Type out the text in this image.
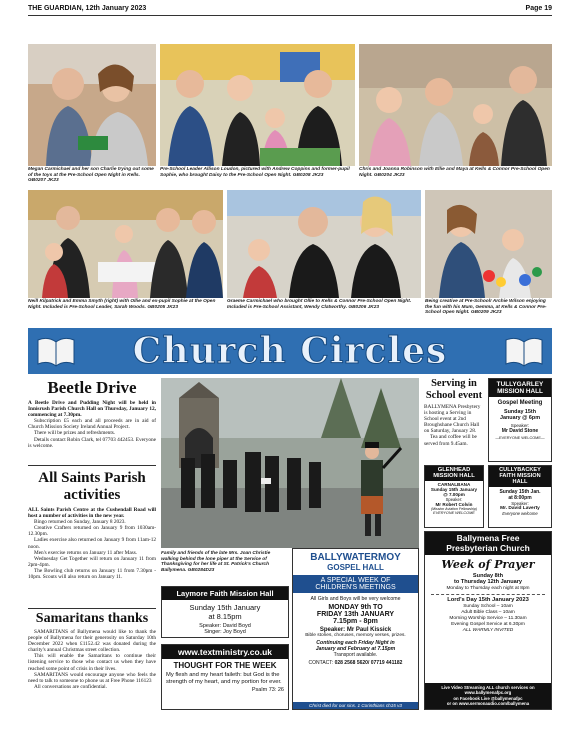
THE GUARDIAN, 12th January 2023	Page 19
Megan Carmichael and her son Charlie trying out some of the toys at the Pre-School Open Night in Kells. GB0207 JK23
Pre-School Leader Allison Loudon, pictured with Andrew Coppins and former-pupil Sophie, who brought Daisy to the Pre-School Open Night. GB0208 JK23
Chris and Joanna Robinson with Ellie and Maya at Kells & Connor Pre-School Open Night. GB0204 JK23
Neill Kilpatrick and Emma Smyth (right) with Ollie and ex-pupil Sophie at the Open Night. Included is Pre-School Leader, Sarah Woods. GB0205 JK23
Graeme Carmichael who brought Ollie to Kells & Connor Pre-School Open Night. Included is Pre-School Assistant, Wendy Clatworthy. GB0206 JK23
Being creative at Pre-School! Archie Wilson enjoying the fun with his Mum, Gemma, at Kells & Connor Pre-School Open Night. GB0209 JK23
Church Circles
Beetle Drive

A Beetle Drive and Pudding Night will be held in Innisrush Parish Church Hall on Thursday, January 12, commencing at 7.30pm.

Subscription £5 each and all proceeds are in aid of Church Mission Society Ireland Annual Project.

There will be prizes and refreshments.

Details contact Robin Clark, tel 07703 442453. Everyone is welcome.

All Saints Parish activities

ALL Saints Parish Centre at the Cushendall Road will host a number of activities in the new year.

Bingo returned on Sunday, January 8 2023.

Creative Crafters returned on January 9 from 1030am-12.30pm.

Ladies exercise also returned on January 9 from 11am-12 noon.

Men's exercise returns on January 11 after Mass.

Wednesday Get Together will return on January 11 from 2pm-4pm.

The Bowling club returns on January 11 from 7.30pm - 10pm. Scouts will also return on January 11.

Samaritans thanks

SAMARITANS of Ballymena would like to thank the people of Ballymena for their generosity on Saturday 10th December 2022 when £1152.42 was donated during the charity's annual Christmas street collection.

This will enable the Samaritans to continue their listening service to those who contact us when they have reached some point of crisis in their lives.

SAMARITANS would encourage anyone who feels the need to talk to someone to phone us at Free Phone 116123

All conversations are confidential.

Family and friends of the late Mrs. Joan Christie walking behind the lone piper at the Service of Thanksgiving for her life at St. Patrick's Church Ballymena. GB0284D23
Laymore Faith Mission Hall
Sunday 15th January
at 8.15pm
Speaker: David Boyd
Singer: Joy Boyd
www.textministry.co.uk
THOUGHT FOR THE WEEK
My flesh and my heart faileth: but God is the strength of my heart, and my portion for ever.
Psalm 73: 26
BALLYWATERMOY
GOSPEL HALL
A SPECIAL WEEK OF
CHILDREN'S MEETINGS
All Girls and Boys will be very welcome
MONDAY 9th TO
FRIDAY 13th JANUARY
7.15pm - 8pm
Speaker: Mr Paul Kissick
Bible stories, choruses, memory verses, prizes.
Continuing each Friday Night in
January and February at 7.15pm
Transport available.
CONTACT: 028 2568 5620/ 07719 441182
Christ died for our sins. 1 Corinthians ch15 v3
Serving in School event

BALLYMENA Presbytery is hosting a Serving in School event at 2nd Broughshane Church Hall on Saturday, January 28.

Tea and coffee will be served from 9.45am.

GLENHEAD
MISSION HALL
CARNALBANA
Sunday 15th January
@ 7.00pm
Speaker:
Mr Robert Colvin
(Mission Aviation Fellowship)
EVERYONE WELCOME
TULLYGARLEY
MISSION HALL
Gospel Meeting
Sunday 15th
January @ 6pm
Speaker:
Mr David Stone
—EVERYONE WELCOME—
CULLYBACKEY
FAITH MISSION
HALL
Sunday 15th Jan.
at 8:00pm
Speaker:
Mr. David Laverty
Everyone welcome
Ballymena Free
Presbyterian Church
Week of Prayer
Sunday 8th
to Thursday 12th January
Monday to Thursday each night at 8pm
Lord's Day 15th January 2023
Sunday School – 10am
Adult Bible Class – 10am
Morning Worship Service – 11.30am
Evening Gospel Service at 6.30pm
ALL WARMLY INVITED
Live Video Streaming ALL church services on
www.ballymenafpc.org
on Facebook Live @ballymenafpc
or on www.sermonaudio.com/ballymena
